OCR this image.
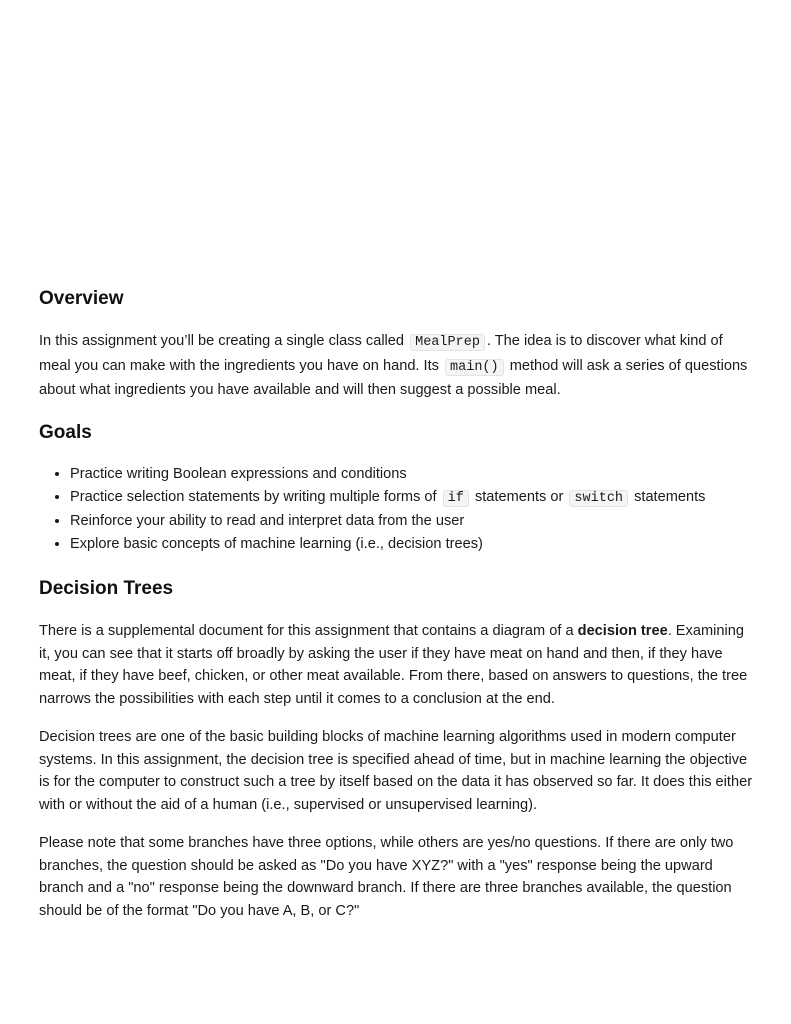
Overview

In this assignment you’ll be creating a single class called MealPrep . The idea is to discover what kind of meal you can make with the ingredients you have on hand. Its main() method will ask a series of questions about what ingredients you have available and will then suggest a possible meal.

Goals
• Practice writing Boolean expressions and conditions
• Practice selection statements by writing multiple forms of if statements or switch statements
• Reinforce your ability to read and interpret data from the user
• Explore basic concepts of machine learning (i.e., decision trees)
Decision Trees

There is a supplemental document for this assignment that contains a diagram of a decision tree. Examining it, you can see that it starts off broadly by asking the user if they have meat on hand and then, if they have meat, if they have beef, chicken, or other meat available. From there, based on answers to questions, the tree narrows the possibilities with each step until it comes to a conclusion at the end.

Decision trees are one of the basic building blocks of machine learning algorithms used in modern computer systems. In this assignment, the decision tree is specified ahead of time, but in machine learning the objective is for the computer to construct such a tree by itself based on the data it has observed so far. It does this either with or without the aid of a human (i.e., supervised or unsupervised learning).

Please note that some branches have three options, while others are yes/no questions. If there are only two branches, the question should be asked as "Do you have XYZ?" with a "yes" response being the upward branch and a "no" response being the downward branch. If there are three branches available, the question should be of the format "Do you have A, B, or C?"
